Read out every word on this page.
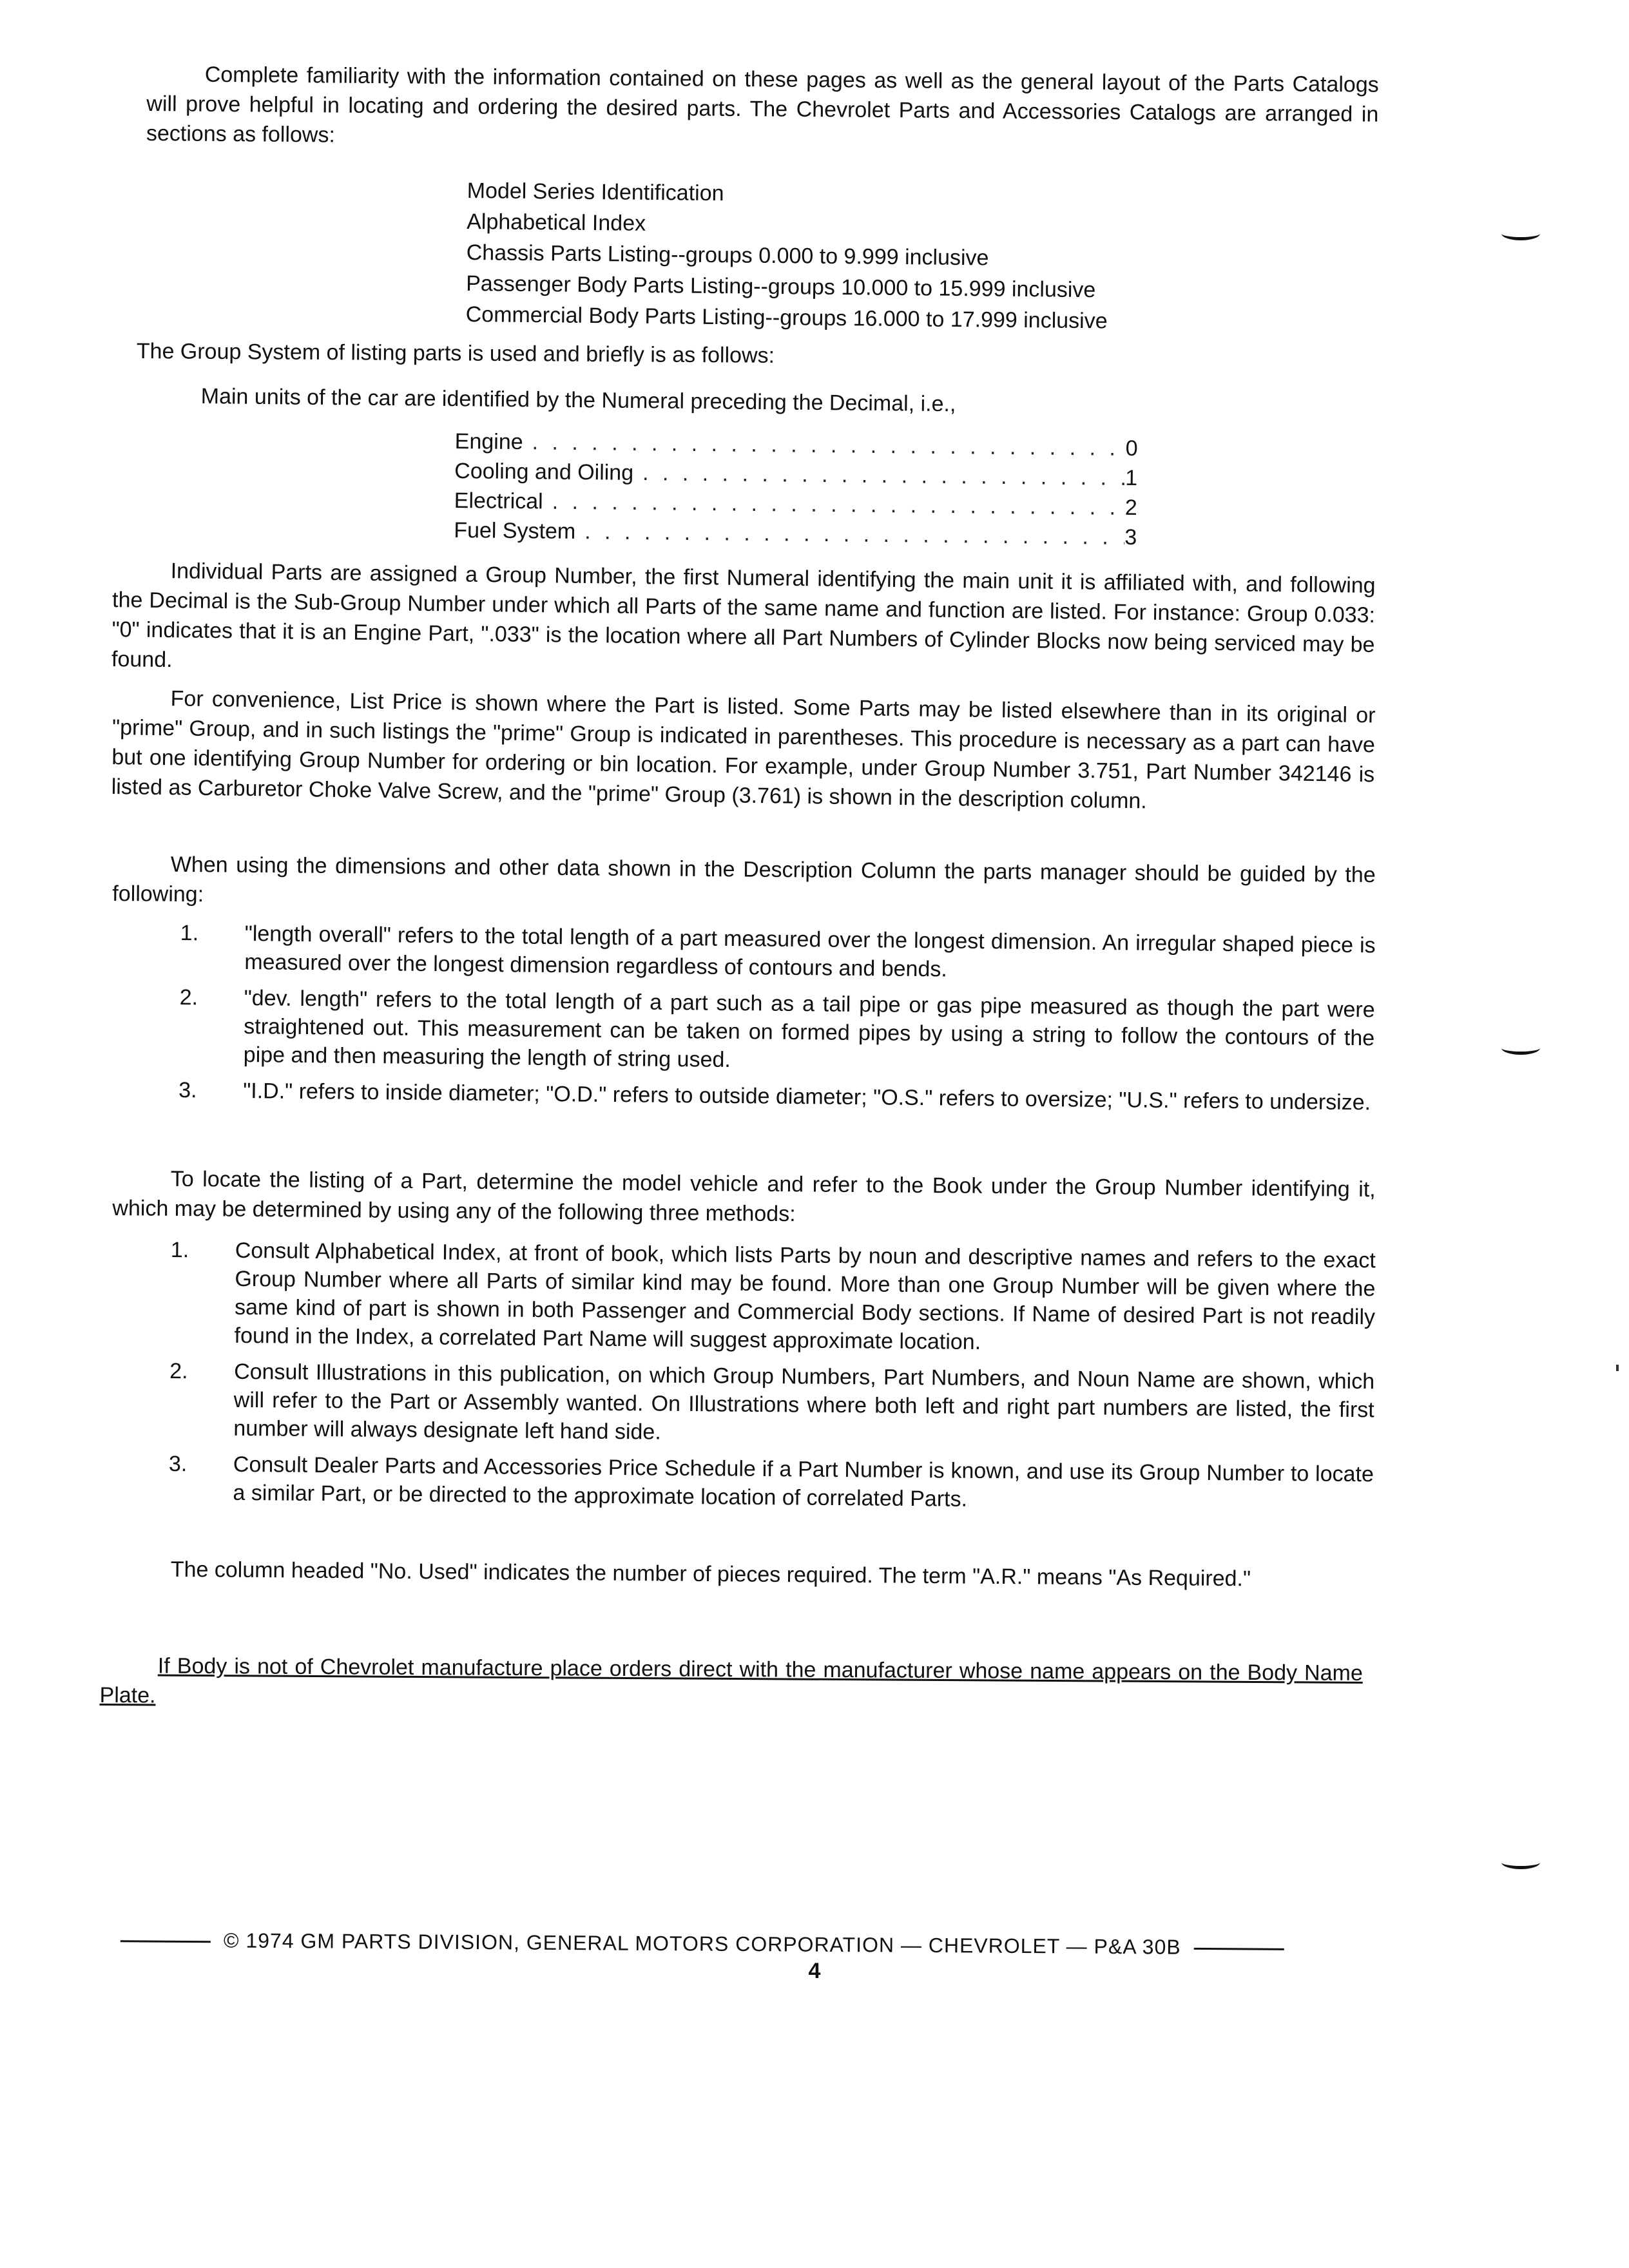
Complete familiarity with the information contained on these pages as well as the general layout of the Parts Catalogs will prove helpful in locating and ordering the desired parts. The Chevrolet Parts and Accessories Catalogs are arranged in sections as follows:

Model Series Identification
Alphabetical Index
Chassis Parts Listing--groups 0.000 to 9.999 inclusive
Passenger Body Parts Listing--groups 10.000 to 15.999 inclusive
Commercial Body Parts Listing--groups 16.000 to 17.999 inclusive

The Group System of listing parts is used and briefly is as follows:

Main units of the car are identified by the Numeral preceding the Decimal, i.e.,

Engine . . .	0
Cooling and Oiling . . .	1
Electrical . . .	2
Fuel System . . .	3

Individual Parts are assigned a Group Number, the first Numeral identifying the main unit it is affiliated with, and following the Decimal is the Sub-Group Number under which all Parts of the same name and function are listed. For instance: Group 0.033: "0" indicates that it is an Engine Part, ".033" is the location where all Part Numbers of Cylinder Blocks now being serviced may be found.

For convenience, List Price is shown where the Part is listed. Some Parts may be listed elsewhere than in its original or "prime" Group, and in such listings the "prime" Group is indicated in parentheses. This procedure is necessary as a part can have but one identifying Group Number for ordering or bin location. For example, under Group Number 3.751, Part Number 342146 is listed as Carburetor Choke Valve Screw, and the "prime" Group (3.761) is shown in the description column.

When using the dimensions and other data shown in the Description Column the parts manager should be guided by the following:

1.	"length overall" refers to the total length of a part measured over the longest dimension. An irregular shaped piece is measured over the longest dimension regardless of contours and bends.
2.	"dev. length" refers to the total length of a part such as a tail pipe or gas pipe measured as though the part were straightened out. This measurement can be taken on formed pipes by using a string to follow the contours of the pipe and then measuring the length of string used.
3.	"I.D." refers to inside diameter; "O.D." refers to outside diameter; "O.S." refers to oversize; "U.S." refers to undersize.

To locate the listing of a Part, determine the model vehicle and refer to the Book under the Group Number identifying it, which may be determined by using any of the following three methods:

1.	Consult Alphabetical Index, at front of book, which lists Parts by noun and descriptive names and refers to the exact Group Number where all Parts of similar kind may be found. More than one Group Number will be given where the same kind of part is shown in both Passenger and Commercial Body sections. If Name of desired Part is not readily found in the Index, a correlated Part Name will suggest approximate location.
2.	Consult Illustrations in this publication, on which Group Numbers, Part Numbers, and Noun Name are shown, which will refer to the Part or Assembly wanted. On Illustrations where both left and right part numbers are listed, the first number will always designate left hand side.
3.	Consult Dealer Parts and Accessories Price Schedule if a Part Number is known, and use its Group Number to locate a similar Part, or be directed to the approximate location of correlated Parts.

The column headed "No. Used" indicates the number of pieces required. The term "A.R." means "As Required."

If Body is not of Chevrolet manufacture place orders direct with the manufacturer whose name appears on the Body Name Plate.

© 1974 GM PARTS DIVISION, GENERAL MOTORS CORPORATION — CHEVROLET — P&A 30B
4
